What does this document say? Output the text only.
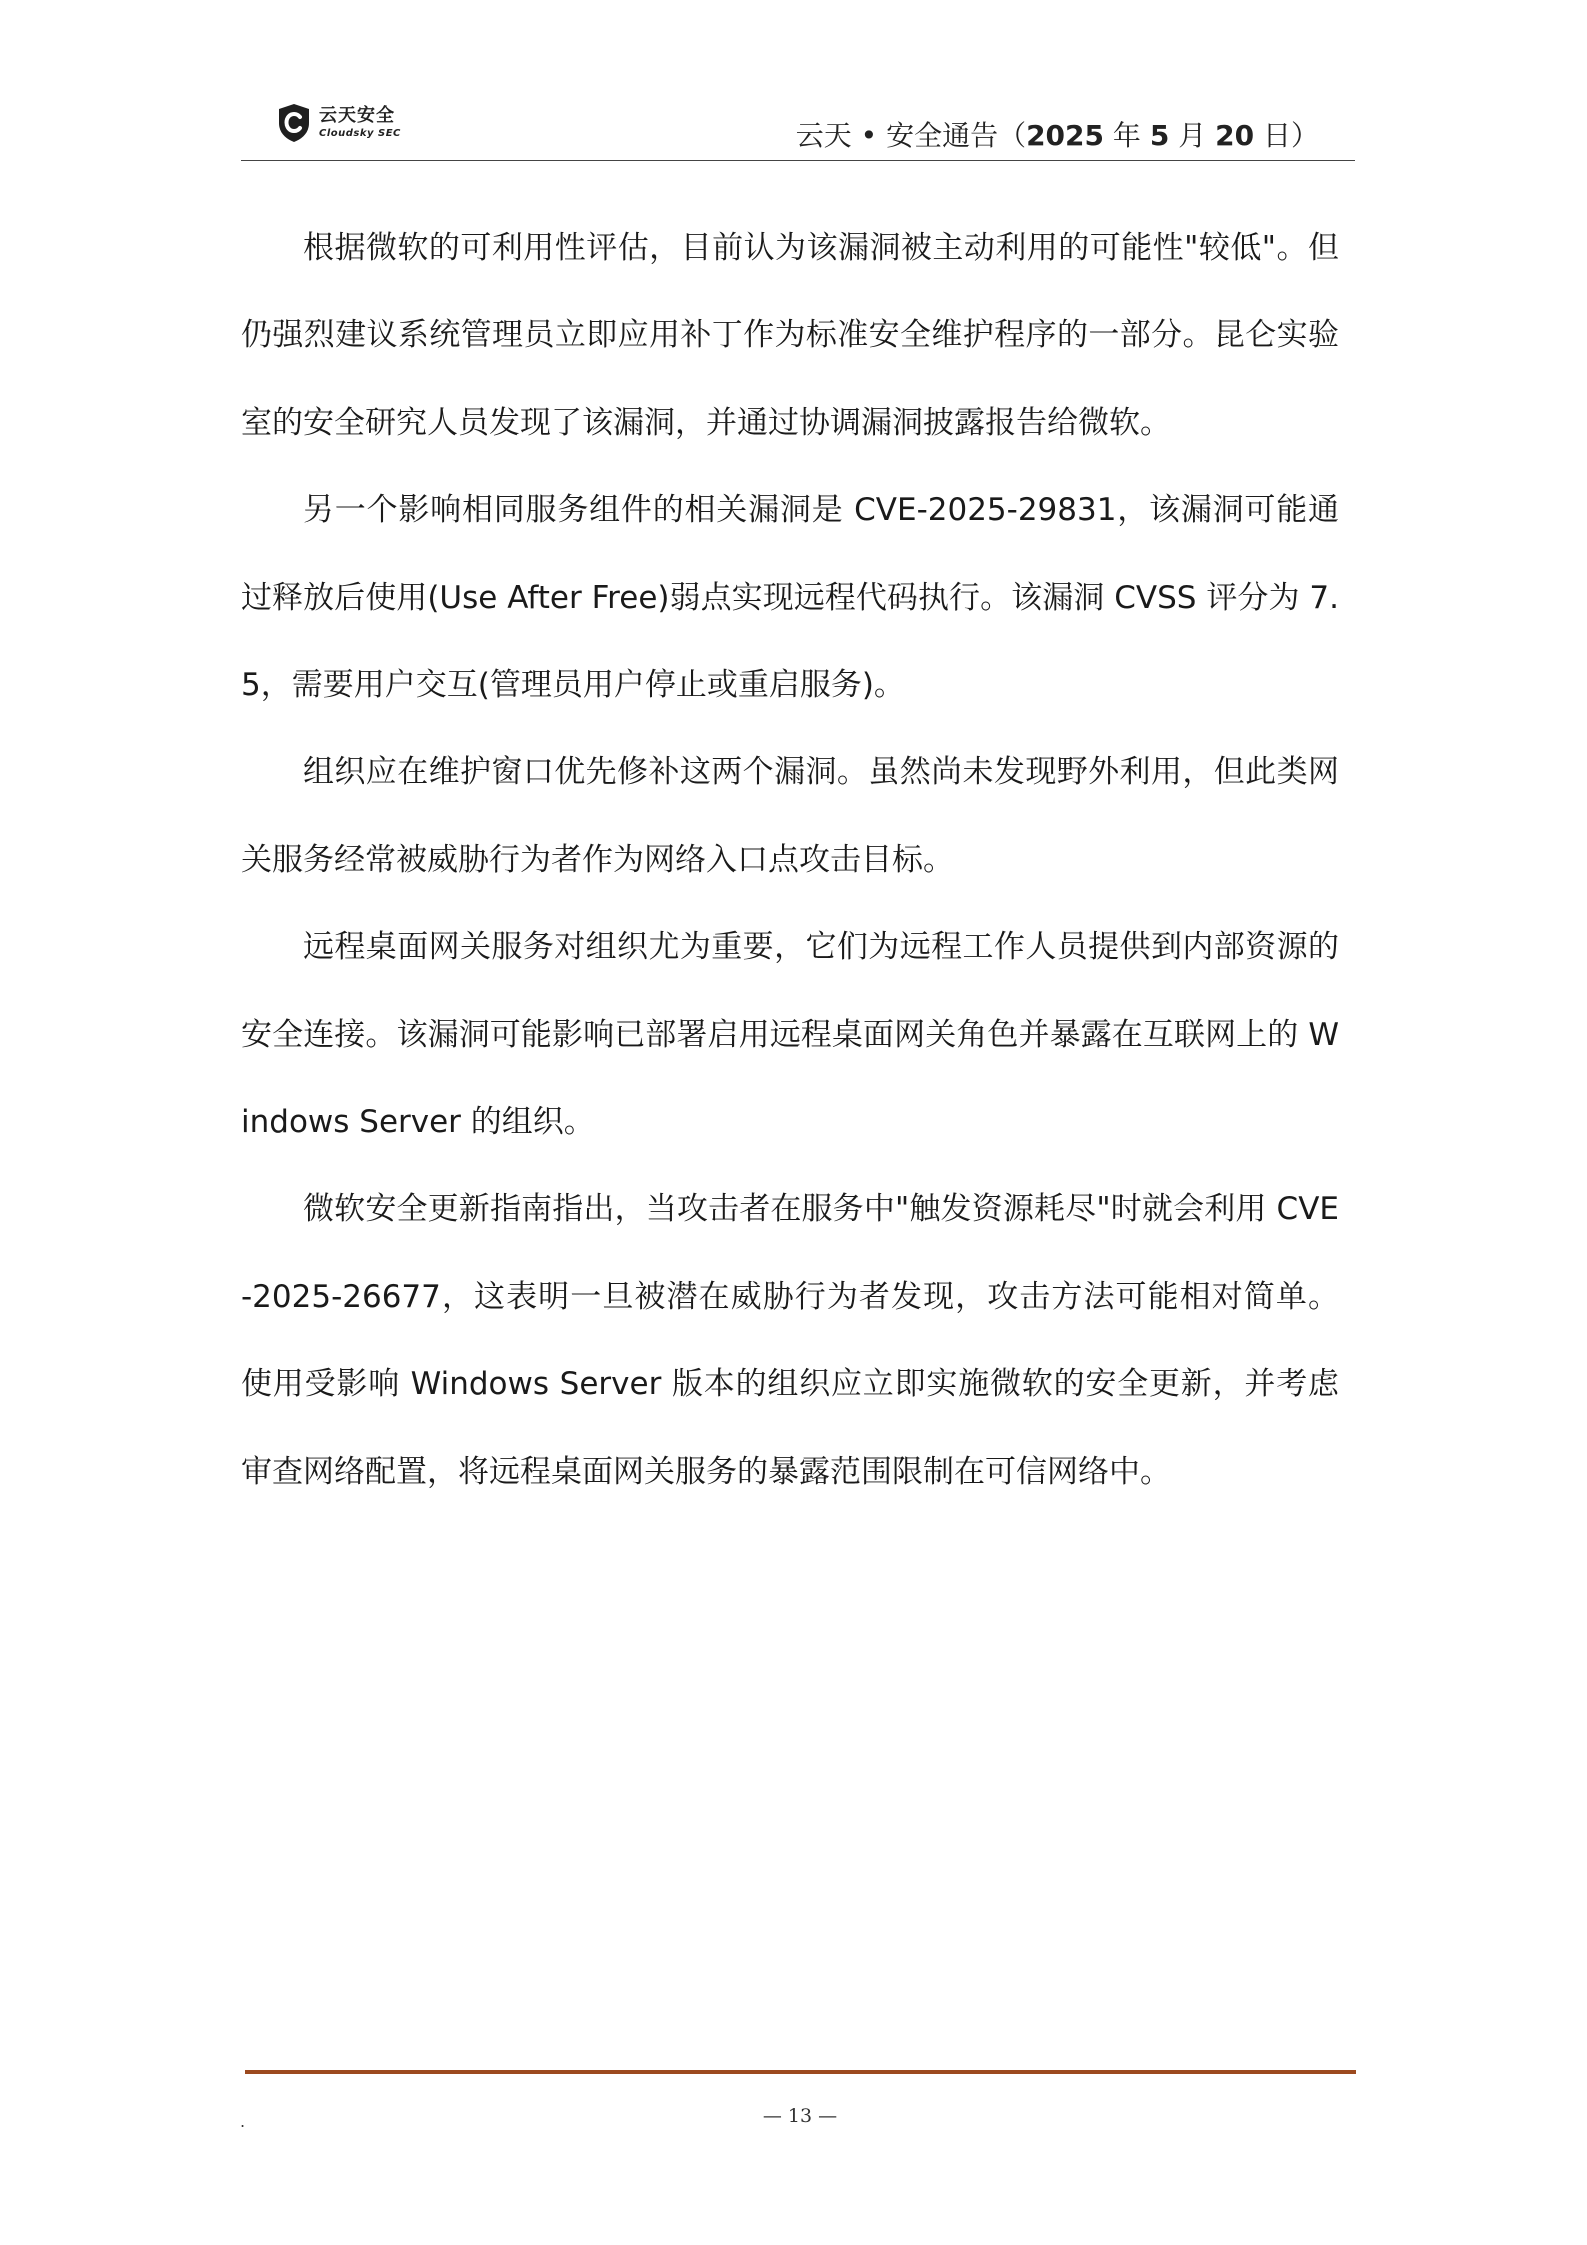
云天安全
Cloudsky SEC	云天 • 安全通告（2025 年 5 月 20 日）

根据微软的可利用性评估，目前认为该漏洞被主动利用的可能性"较低"。但仍强烈建议系统管理员立即应用补丁作为标准安全维护程序的一部分。昆仑实验室的安全研究人员发现了该漏洞，并通过协调漏洞披露报告给微软。

另一个影响相同服务组件的相关漏洞是 CVE-2025-29831，该漏洞可能通过释放后使用(Use After Free)弱点实现远程代码执行。该漏洞 CVSS 评分为 7.5，需要用户交互(管理员用户停止或重启服务)。

组织应在维护窗口优先修补这两个漏洞。虽然尚未发现野外利用，但此类网关服务经常被威胁行为者作为网络入口点攻击目标。

远程桌面网关服务对组织尤为重要，它们为远程工作人员提供到内部资源的安全连接。该漏洞可能影响已部署启用远程桌面网关角色并暴露在互联网上的 Windows Server 的组织。

微软安全更新指南指出，当攻击者在服务中"触发资源耗尽"时就会利用 CVE-2025-26677，这表明一旦被潜在威胁行为者发现，攻击方法可能相对简单。使用受影响 Windows Server 版本的组织应立即实施微软的安全更新，并考虑审查网络配置，将远程桌面网关服务的暴露范围限制在可信网络中。

.	— 13 —
